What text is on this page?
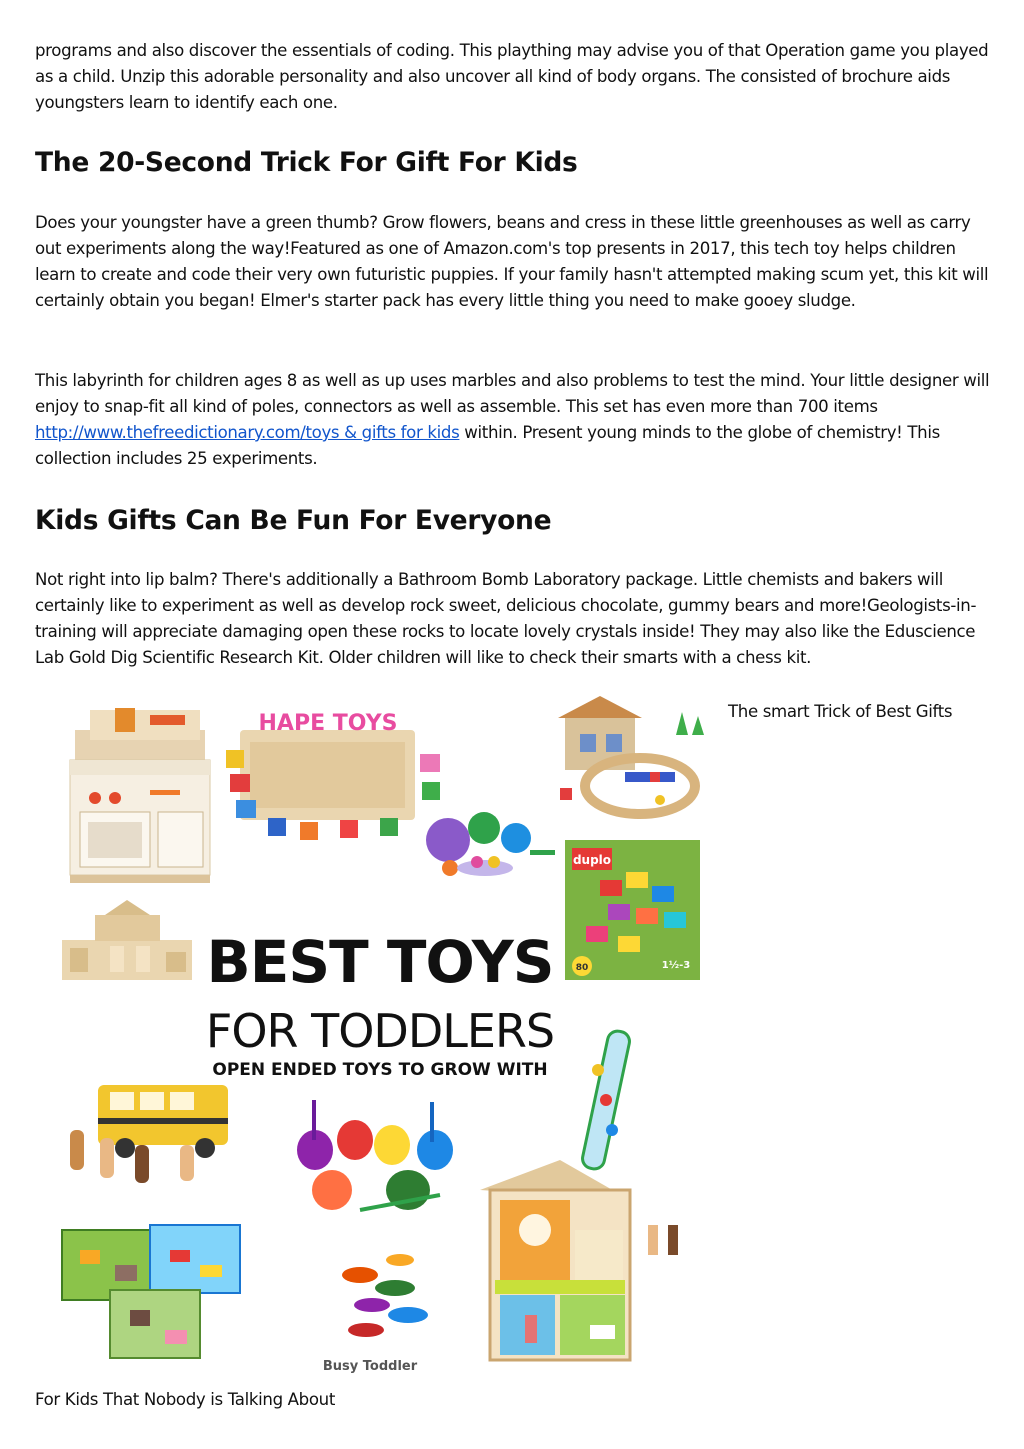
programs and also discover the essentials of coding. This plaything may advise you of that Operation game you played as a child. Unzip this adorable personality and also uncover all kind of body organs. The consisted of brochure aids youngsters learn to identify each one.

The 20-Second Trick For Gift For Kids

Does your youngster have a green thumb? Grow flowers, beans and cress in these little greenhouses as well as carry out experiments along the way!Featured as one of Amazon.com's top presents in 2017, this tech toy helps children learn to create and code their very own futuristic puppies. If your family hasn't attempted making scum yet, this kit will certainly obtain you began! Elmer's starter pack has every little thing you need to make gooey sludge.

This labyrinth for children ages 8 as well as up uses marbles and also problems to test the mind. Your little designer will enjoy to snap-fit all kind of poles, connectors as well as assemble. This set has even more than 700 items http://www.thefreedictionary.com/toys & gifts for kids within. Present young minds to the globe of chemistry! This collection includes 25 experiments.

Kids Gifts Can Be Fun For Everyone

Not right into lip balm? There's additionally a Bathroom Bomb Laboratory package. Little chemists and bakers will certainly like to experiment as well as develop rock sweet, delicious chocolate, gummy bears and more!Geologists-in-training will appreciate damaging open these rocks to locate lovely crystals inside! They may also like the Eduscience Lab Gold Dig Scientific Research Kit. Older children will like to check their smarts with a chess kit.

HAPE TOYS
duplo
80	1½-3
BEST TOYS
FOR TODDLERS
OPEN ENDED TOYS TO GROW WITH
Busy Toddler
The smart Trick of Best Gifts
For Kids That Nobody is Talking About
